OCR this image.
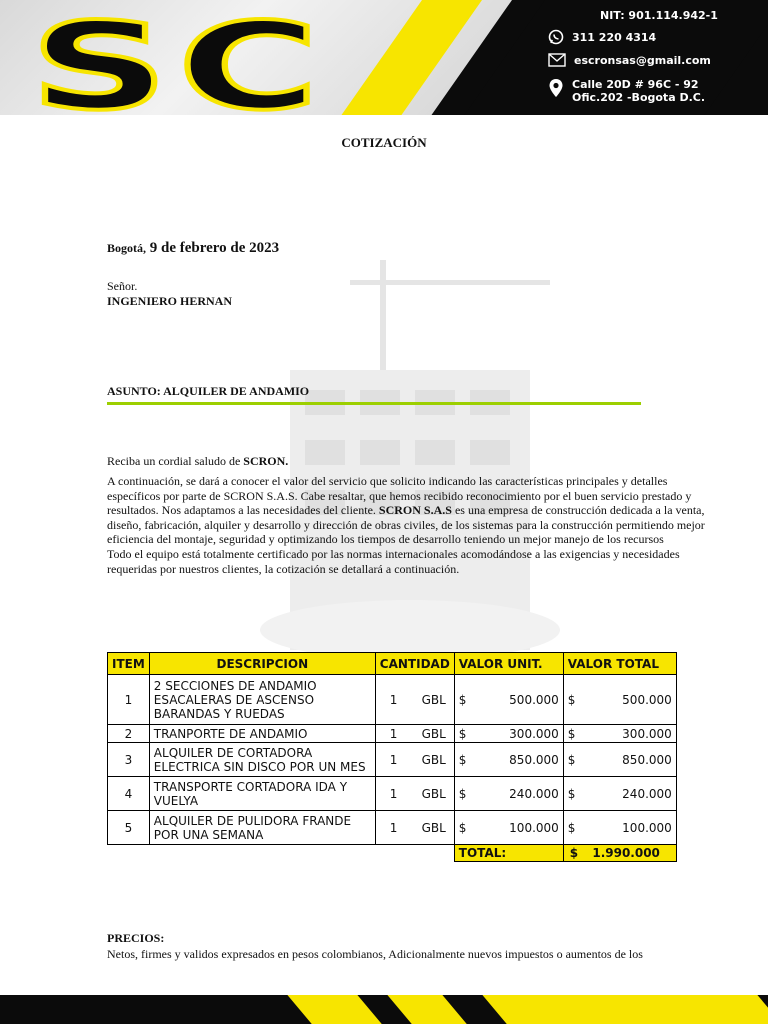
SC	NIT: 901.114.942-1
311 220 4314
escronsas@gmail.com
Calle 20D # 96C - 92
Ofic.202 -Bogota D.C.
COTIZACIÓN
Bogotá, 9 de febrero de 2023
Señor.
INGENIERO HERNAN
ASUNTO: ALQUILER DE ANDAMIO
Reciba un cordial saludo de SCRON.
A continuación, se dará a conocer el valor del servicio que solicito indicando las características principales y detalles específicos por parte de SCRON S.A.S. Cabe resaltar, que hemos recibido reconocimiento por el buen servicio prestado y resultados. Nos adaptamos a las necesidades del cliente. SCRON S.A.S es una empresa de construcción dedicada a la venta, diseño, fabricación, alquiler y desarrollo y dirección de obras civiles, de los sistemas para la construcción permitiendo mejor eficiencia del montaje, seguridad y optimizando los tiempos de desarrollo teniendo un mejor manejo de los recursos
Todo el equipo está totalmente certificado por las normas internacionales acomodándose a las exigencias y necesidades requeridas por nuestros clientes, la cotización se detallará a continuación.
ITEM	DESCRIPCION	CANTIDAD	VALOR UNIT.	VALOR TOTAL
1	2 SECCIONES DE ANDAMIO ESACALERAS DE ASCENSO BARANDAS Y RUEDAS	1 GBL	$ 500.000	$ 500.000

2	TRANPORTE DE ANDAMIO	1 GBL	$ 300.000	$ 300.000

3	ALQUILER DE CORTADORA ELECTRICA SIN DISCO POR UN MES	1 GBL	$ 850.000	$ 850.000

4	TRANSPORTE CORTADORA IDA Y VUELYA	1 GBL	$ 240.000	$ 240.000

5	ALQUILER DE PULIDORA FRANDE POR UNA SEMANA	1 GBL	$ 100.000	$ 100.000

			TOTAL:	$ 1.990.000
PRECIOS:
Netos, firmes y validos expresados en pesos colombianos, Adicionalmente nuevos impuestos o aumentos de los
